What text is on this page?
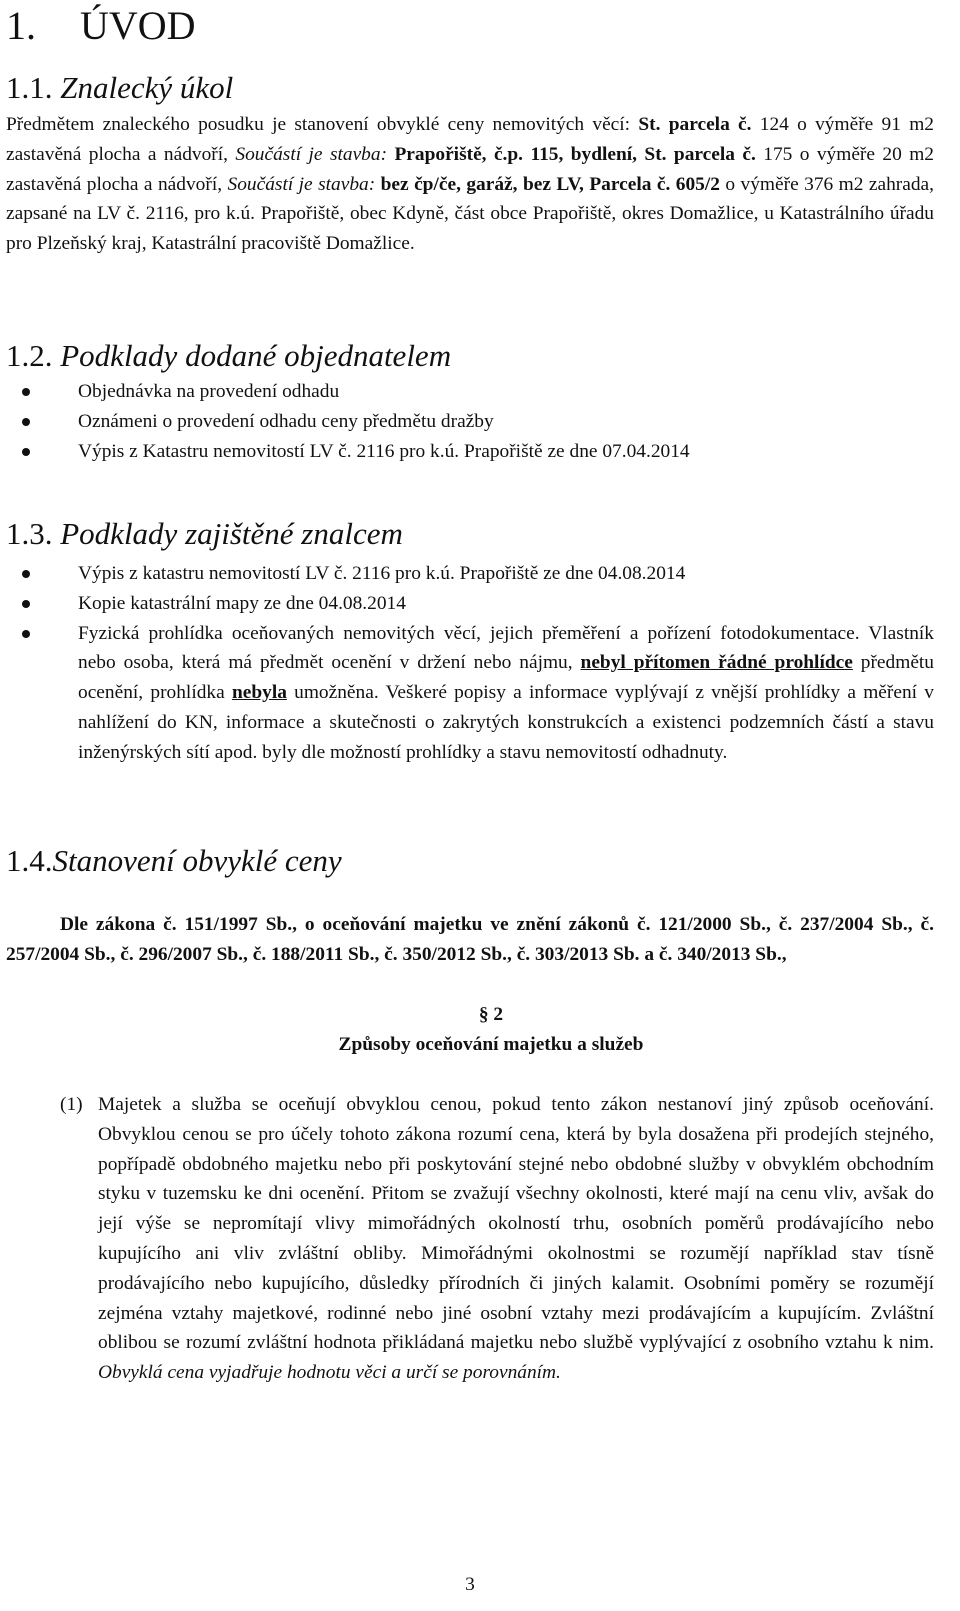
1. ÚVOD
1.1. Znalecký úkol

Předmětem znaleckého posudku je stanovení obvyklé ceny nemovitých věcí: St. parcela č. 124 o výměře 91 m2 zastavěná plocha a nádvoří, Součástí je stavba: Prapořiště, č.p. 115, bydlení, St. parcela č. 175 o výměře 20 m2 zastavěná plocha a nádvoří, Součástí je stavba: bez čp/če, garáž, bez LV, Parcela č. 605/2 o výměře 376 m2 zahrada, zapsané na LV č. 2116, pro k.ú. Prapořiště, obec Kdyně, část obce Prapořiště, okres Domažlice, u Katastrálního úřadu pro Plzeňský kraj, Katastrální pracoviště Domažlice.

1.2. Podklady dodané objednatelem
Objednávka na provedení odhadu
Oznámeni o provedení odhadu ceny předmětu dražby
Výpis z Katastru nemovitostí LV č. 2116 pro k.ú. Prapořiště ze dne 07.04.2014
1.3. Podklady zajištěné znalcem
Výpis z katastru nemovitostí LV č. 2116 pro k.ú. Prapořiště ze dne 04.08.2014
Kopie katastrální mapy ze dne 04.08.2014
Fyzická prohlídka oceňovaných nemovitých věcí, jejich přeměření a pořízení fotodokumentace. Vlastník nebo osoba, která má předmět ocenění v držení nebo nájmu, nebyl přítomen řádné prohlídce předmětu ocenění, prohlídka nebyla umožněna. Veškeré popisy a informace vyplývají z vnější prohlídky a měření v nahlížení do KN, informace a skutečnosti o zakrytých konstrukcích a existenci podzemních částí a stavu inženýrských sítí apod. byly dle možností prohlídky a stavu nemovitostí odhadnuty.
1.4.Stanovení obvyklé ceny

Dle zákona č. 151/1997 Sb., o oceňování majetku ve znění zákonů č. 121/2000 Sb., č. 237/2004 Sb., č. 257/2004 Sb., č. 296/2007 Sb., č. 188/2011 Sb., č. 350/2012 Sb., č. 303/2013 Sb. a č. 340/2013 Sb.,

§ 2

Způsoby oceňování majetku a služeb

(1) Majetek a služba se oceňují obvyklou cenou, pokud tento zákon nestanoví jiný způsob oceňování. Obvyklou cenou se pro účely tohoto zákona rozumí cena, která by byla dosažena při prodejích stejného, popřípadě obdobného majetku nebo při poskytování stejné nebo obdobné služby v obvyklém obchodním styku v tuzemsku ke dni ocenění. Přitom se zvažují všechny okolnosti, které mají na cenu vliv, avšak do její výše se nepromítají vlivy mimořádných okolností trhu, osobních poměrů prodávajícího nebo kupujícího ani vliv zvláštní obliby. Mimořádnými okolnostmi se rozumějí například stav tísně prodávajícího nebo kupujícího, důsledky přírodních či jiných kalamit. Osobními poměry se rozumějí zejména vztahy majetkové, rodinné nebo jiné osobní vztahy mezi prodávajícím a kupujícím. Zvláštní oblibou se rozumí zvláštní hodnota přikládaná majetku nebo službě vyplývající z osobního vztahu k nim. Obvyklá cena vyjadřuje hodnotu věci a určí se porovnáním.

3
